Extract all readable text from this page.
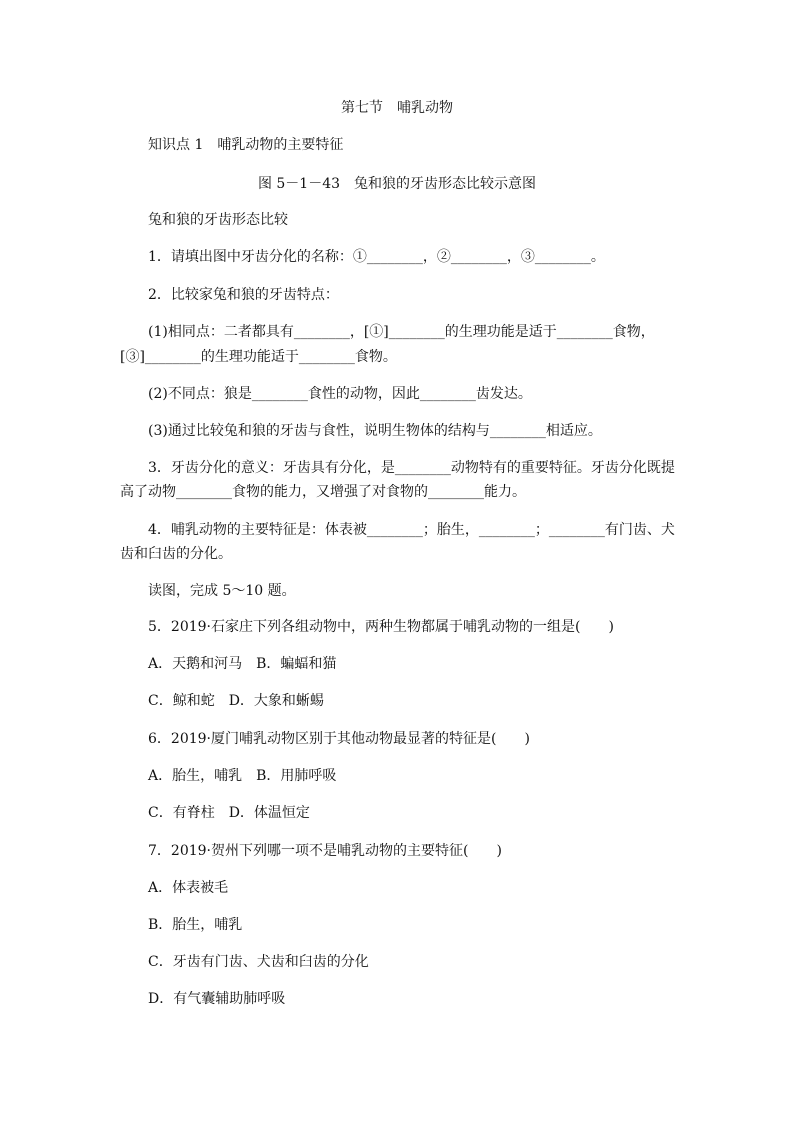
第七节　哺乳动物
知识点 1　哺乳动物的主要特征
图 5－1－43　兔和狼的牙齿形态比较示意图
兔和狼的牙齿形态比较
1．请填出图中牙齿分化的名称：①________，②________，③________。
2．比较家兔和狼的牙齿特点：
(1)相同点：二者都具有________，[①]________的生理功能是适于________食物，
[③]________的生理功能适于________食物。
(2)不同点：狼是________食性的动物，因此________齿发达。
(3)通过比较兔和狼的牙齿与食性，说明生物体的结构与________相适应。
3．牙齿分化的意义：牙齿具有分化，是________动物特有的重要特征。牙齿分化既提
高了动物________食物的能力，又增强了对食物的________能力。
4．哺乳动物的主要特征是：体表被________；胎生，________；________有门齿、犬
齿和臼齿的分化。
读图，完成 5～10 题。
5．2019·石家庄下列各组动物中，两种生物都属于哺乳动物的一组是(　　)
A．天鹅和河马　B．蝙蝠和猫
C．鲸和蛇　D．大象和蜥蜴
6．2019·厦门哺乳动物区别于其他动物最显著的特征是(　　)
A．胎生，哺乳　B．用肺呼吸
C．有脊柱　D．体温恒定
7．2019·贺州下列哪一项不是哺乳动物的主要特征(　　)
A．体表被毛
B．胎生，哺乳
C．牙齿有门齿、犬齿和臼齿的分化
D．有气囊辅助肺呼吸
